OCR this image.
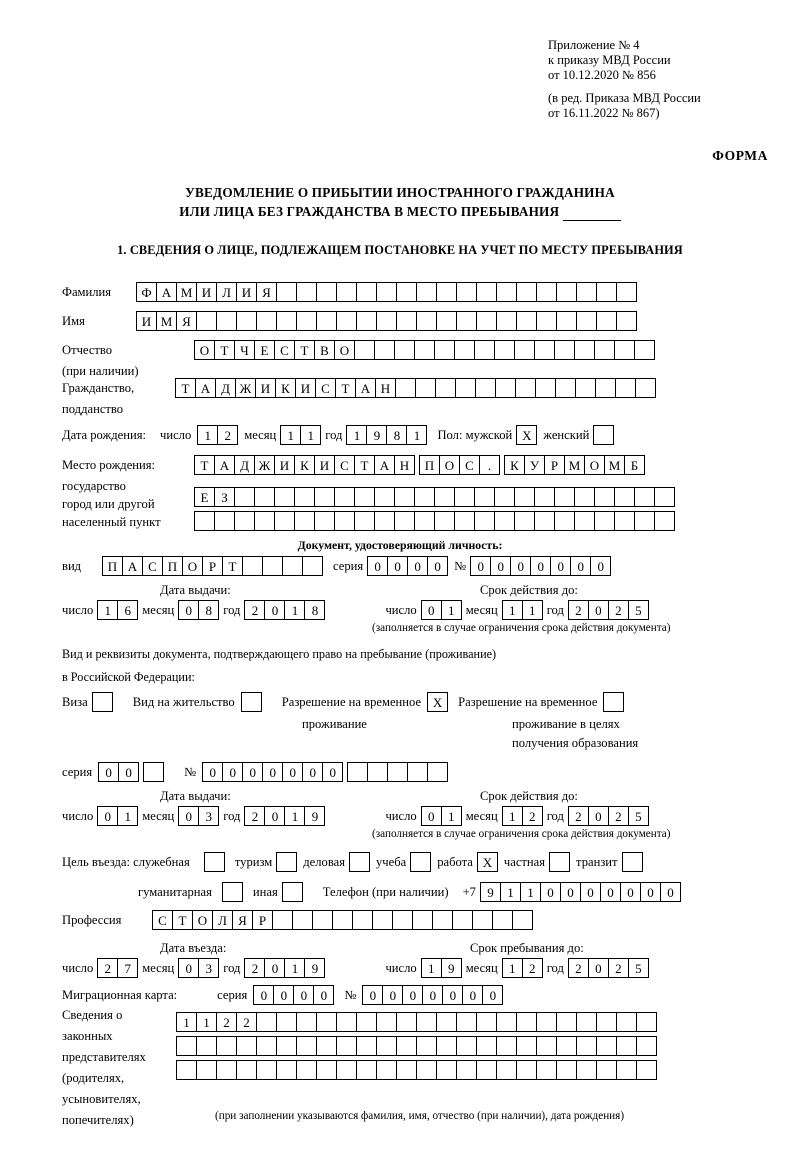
Приложение № 4
к приказу МВД России
от 10.12.2020 № 856
(в ред. Приказа МВД России
от 16.11.2022 № 867)
ФОРМА
УВЕДОМЛЕНИЕ О ПРИБЫТИИ ИНОСТРАННОГО ГРАЖДАНИНА
ИЛИ ЛИЦА БЕЗ ГРАЖДАНСТВА В МЕСТО ПРЕБЫВАНИЯ
1. СВЕДЕНИЯ О ЛИЦЕ, ПОДЛЕЖАЩЕМ ПОСТАНОВКЕ НА УЧЕТ ПО МЕСТУ ПРЕБЫВАНИЯ
Фамилия	Ф А М И Л И Я
Имя	И М Я
Отчество	О Т Ч Е С Т В О
(при наличии)
Гражданство,	Т А Д Ж И К И С Т А Н
подданство
Дата рождения: число	1	2	месяц 1	1 год 1	9	8	1	Пол: мужской X женский
Место рождения:	Т А Д Ж И К И С Т А Н	П О С	.	К У Р М О М Б
государство
Е З
город или другой
населенный пункт
Документ, удостоверяющий личность:
вид	П А С П О Р Т	серия 0	0	0	0	№ 0	0	0	0	0	0	0
Дата выдачи:	Срок действия до:
число 1	6 месяц 0	8 год 2	0	1	8	число 0	1 месяц 1	1 год 2	0	2	5
(заполняется в случае ограничения срока действия документа)
Вид и реквизиты документа, подтверждающего право на пребывание (проживание)
в Российской Федерации:
Виза	Вид на жительство	Разрешение на временное X	Разрешение на временное
проживание	проживание в целях
получения образования
серия	0	0	№	0	0	0	0	0	0	0
Дата выдачи:	Срок действия до:
число 0	1 месяц 0	3 год 2	0	1	9	число 0	1 месяц 1	2 год 2	0	2	5
(заполняется в случае ограничения срока действия документа)
Цель въезда: служебная	туризм деловая учеба работа X частная транзит
гуманитарная	иная	Телефон (при наличии) +7 9	1	1	0	0	0	0	0	0	0
Профессия	С Т О Л Я Р
Дата въезда:	Срок пребывания до:
число 2	7 месяц 0	3 год 2	0	1	9	число 1	9 месяц 1	2 год 2	0	2	5
Миграционная карта:	серия	0	0	0	0	№	0	0	0	0	0	0	0
Сведения о
законных
представителях
(родителях,
усыновителях,
попечителях)
1	1	2	2
(при заполнении указываются фамилия, имя, отчество (при наличии), дата рождения)
